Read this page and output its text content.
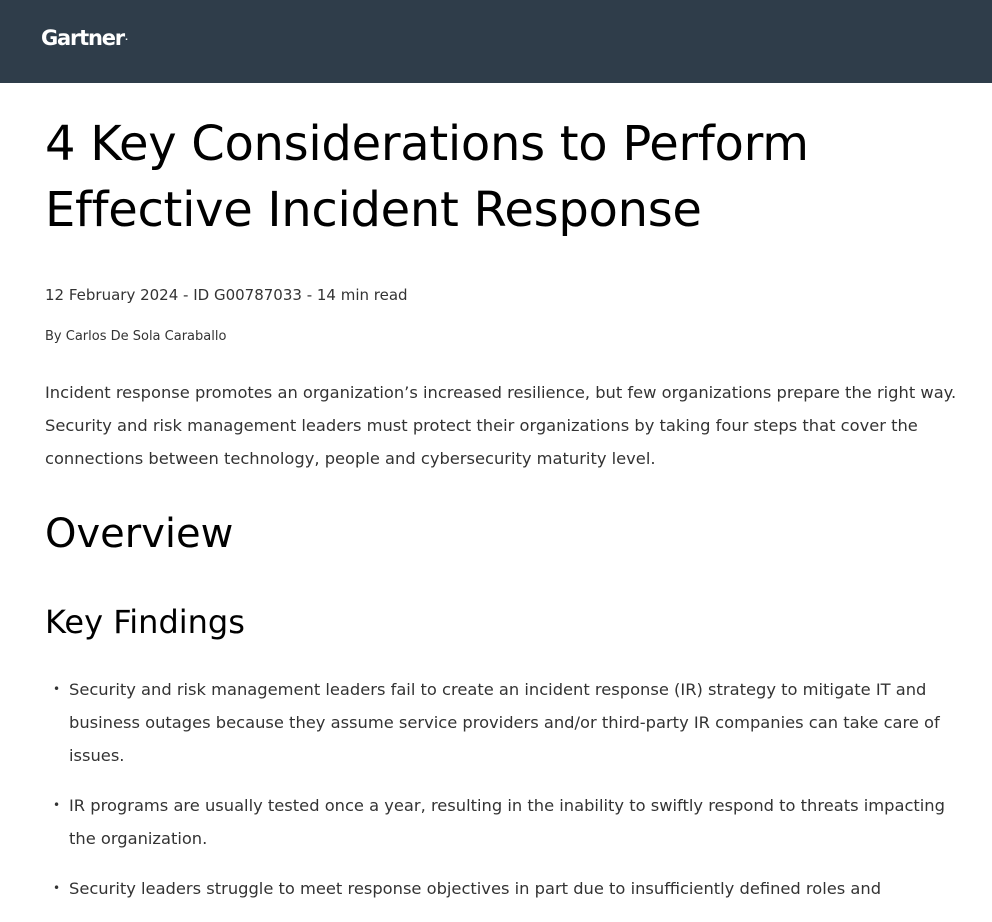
Gartner.
4 Key Considerations to Perform Effective Incident Response

12 February 2024 - ID G00787033 - 14 min read

By Carlos De Sola Caraballo

Incident response promotes an organization’s increased resilience, but few organizations prepare the right way. Security and risk management leaders must protect their organizations by taking four steps that cover the connections between technology, people and cybersecurity maturity level.

Overview
Key Findings
• Security and risk management leaders fail to create an incident response (IR) strategy to mitigate IT and business outages because they assume service providers and/or third-party IR companies can take care of issues.
• IR programs are usually tested once a year, resulting in the inability to swiftly respond to threats impacting the organization.
• Security leaders struggle to meet response objectives in part due to insufficiently defined roles and
